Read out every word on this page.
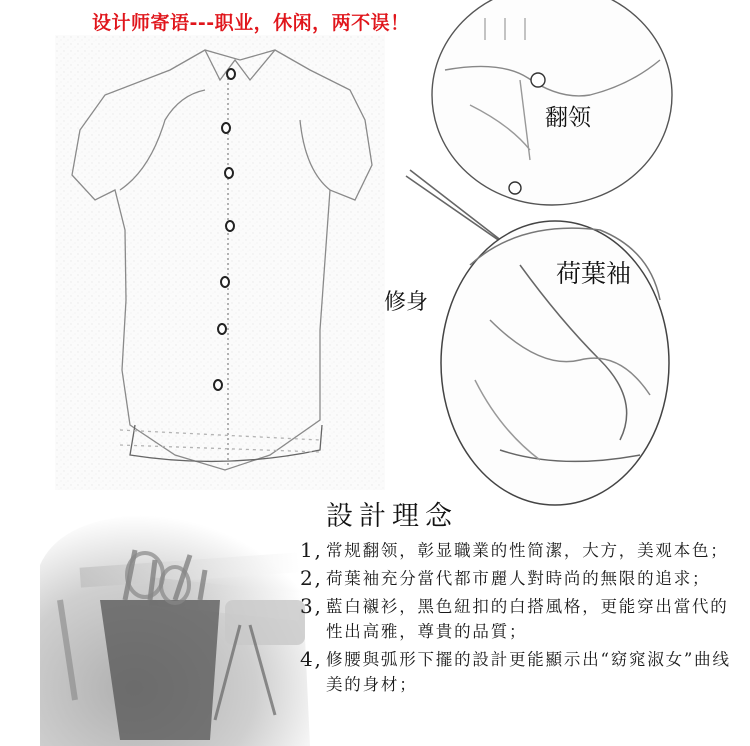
设计师寄语---职业，休闲，两不误！

翻领

荷葉袖

修身

設計理念
1, 常规翻领，彰显職業的性简潔，大方，美观本色；
2, 荷葉袖充分當代都市麗人對時尚的無限的追求；
3, 藍白襯衫，黑色紐扣的白搭風格，更能穿出當代的性出高雅，尊貴的品質；
4, 修腰與弧形下擺的設計更能顯示出“窈窕淑女”曲线美的身材；
